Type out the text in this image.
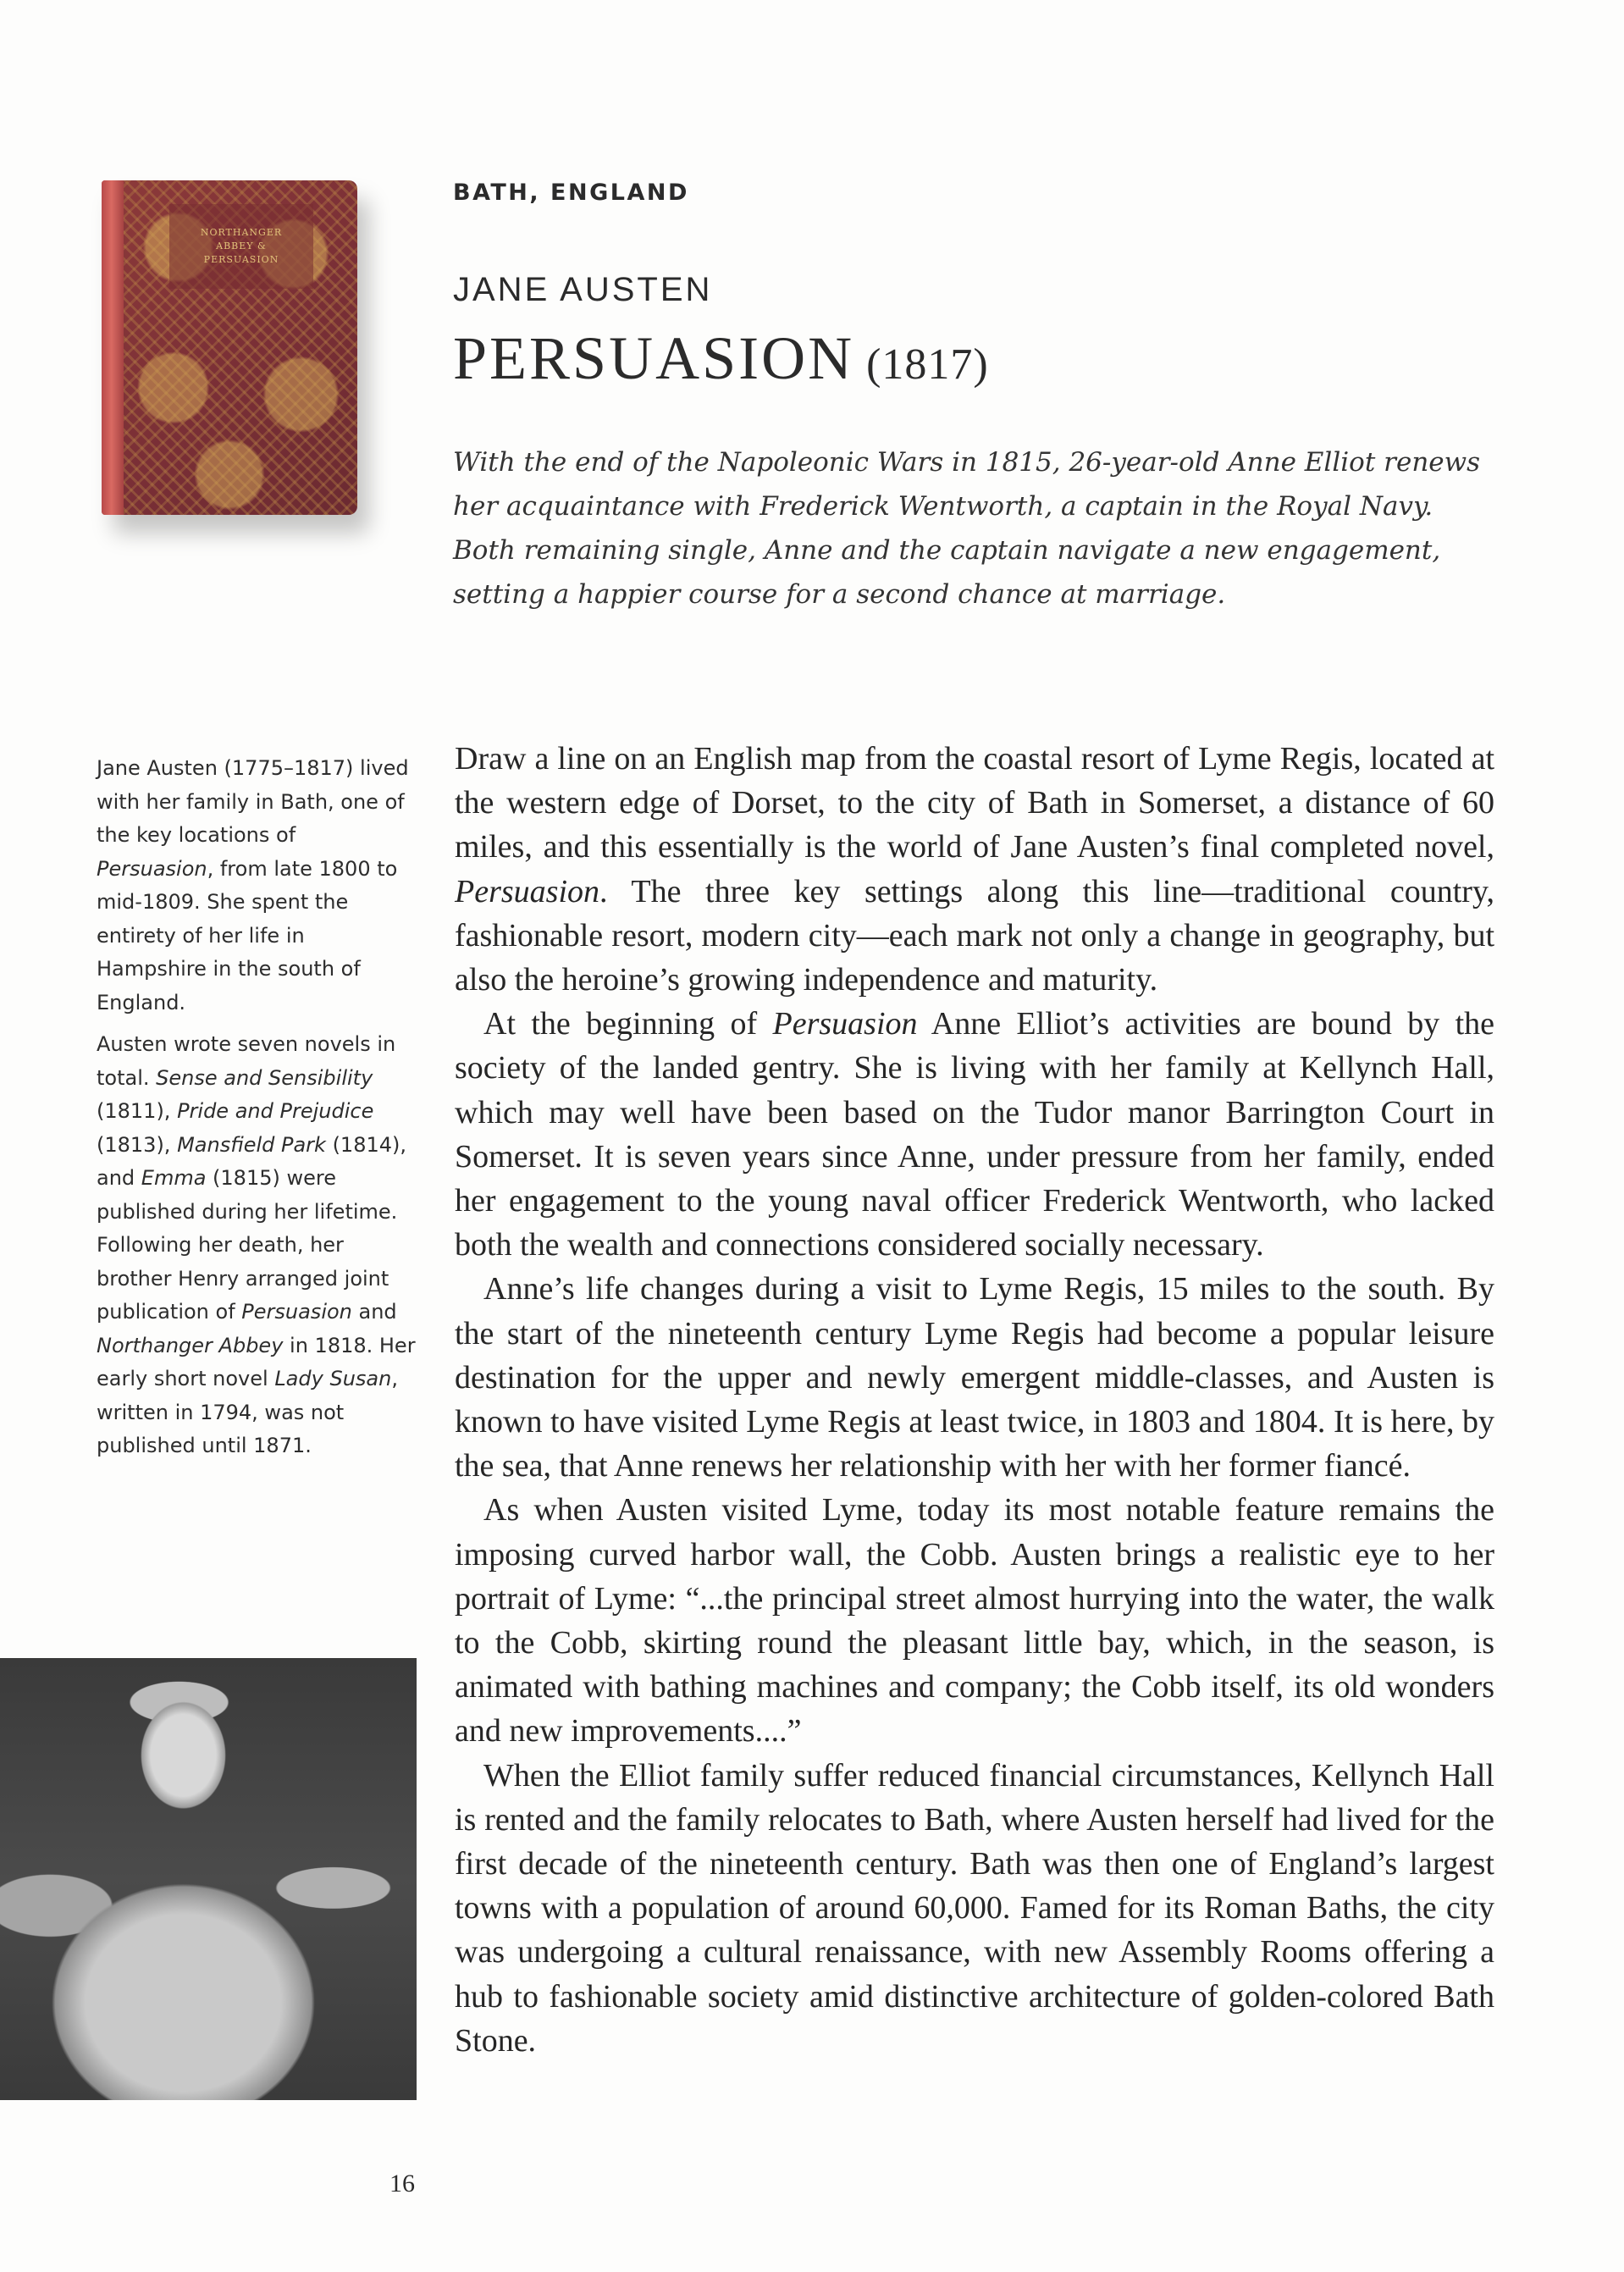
NORTHANGER
ABBEY &
PERSUASION
BATH, ENGLAND
JANE AUSTEN
PERSUASION (1817)

With the end of the Napoleonic Wars in 1815, 26-year-old Anne Elliot renews her acquaintance with Frederick Wentworth, a captain in the Royal Navy. Both remaining single, Anne and the captain navigate a new engagement, setting a happier course for a second chance at marriage.

Jane Austen (1775–1817) lived with her family in Bath, one of the key locations of Persuasion, from late 1800 to mid-1809. She spent the entirety of her life in Hampshire in the south of England.

Austen wrote seven novels in total. Sense and Sensibility (1811), Pride and Prejudice (1813), Mansfield Park (1814), and Emma (1815) were published during her lifetime. Following her death, her brother Henry arranged joint publication of Persuasion and Northanger Abbey in 1818. Her early short novel Lady Susan, written in 1794, was not published until 1871.

Draw a line on an English map from the coastal resort of Lyme Regis, located at the western edge of Dorset, to the city of Bath in Somerset, a distance of 60 miles, and this essentially is the world of Jane Austen’s final completed novel, Persuasion. The three key settings along this line—traditional country, fashionable resort, modern city—each mark not only a change in geography, but also the heroine’s growing independence and maturity.

At the beginning of Persuasion Anne Elliot’s activities are bound by the society of the landed gentry. She is living with her family at Kellynch Hall, which may well have been based on the Tudor manor Barrington Court in Somerset. It is seven years since Anne, under pressure from her family, ended her engagement to the young naval officer Frederick Wentworth, who lacked both the wealth and connections considered socially necessary.

Anne’s life changes during a visit to Lyme Regis, 15 miles to the south. By the start of the nineteenth century Lyme Regis had become a popular leisure destination for the upper and newly emergent middle-classes, and Austen is known to have visited Lyme Regis at least twice, in 1803 and 1804. It is here, by the sea, that Anne renews her relationship with her with her former fiancé.

As when Austen visited Lyme, today its most notable feature remains the imposing curved harbor wall, the Cobb. Austen brings a realistic eye to her portrait of Lyme: “...the principal street almost hurrying into the water, the walk to the Cobb, skirting round the pleasant little bay, which, in the season, is animated with bathing machines and company; the Cobb itself, its old wonders and new improvements....”

When the Elliot family suffer reduced financial circumstances, Kellynch Hall is rented and the family relocates to Bath, where Austen herself had lived for the first decade of the nineteenth century. Bath was then one of England’s largest towns with a population of around 60,000. Famed for its Roman Baths, the city was undergoing a cultural renaissance, with new Assembly Rooms offering a hub to fashionable society amid distinctive architecture of golden-colored Bath Stone.

16
